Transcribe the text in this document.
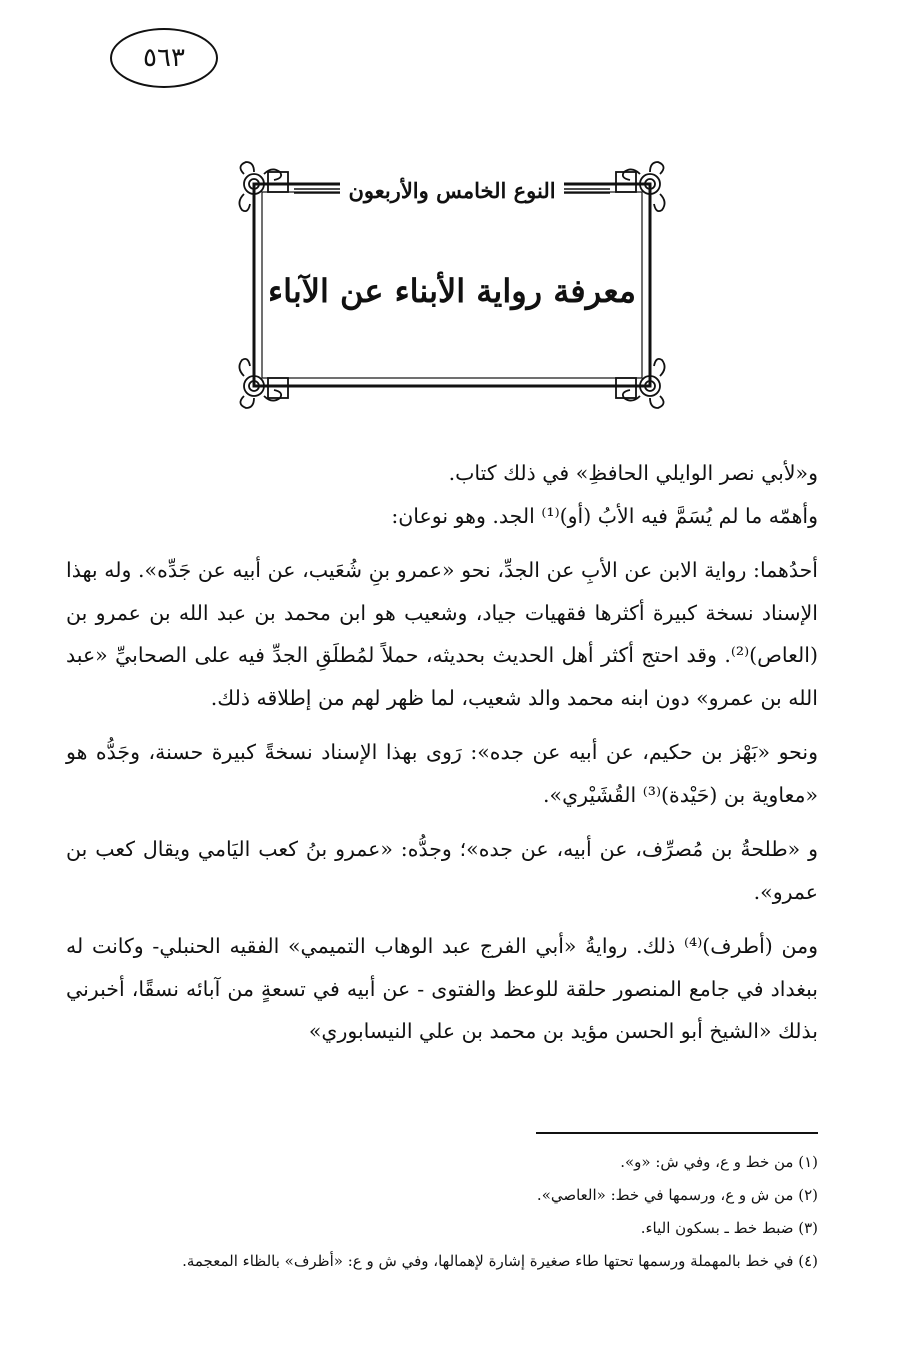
٥٦٣
النوع الخامس والأربعون
معرفة رواية الأبناء عن الآباء

و«لأبي نصر الوايلي الحافظِ» في ذلك كتاب.

وأهمّه ما لم يُسَمَّ فيه الأبُ (أو)⁽¹⁾ الجد. وهو نوعان:

أحدُهما: رواية الابن عن الأبِ عن الجدِّ، نحو «عمرو بنِ شُعَيب، عن أبيه عن جَدِّه». وله بهذا الإسناد نسخة كبيرة أكثرها فقهيات جياد، وشعيب هو ابن محمد بن عبد الله بن عمرو بن (العاص)⁽²⁾. وقد احتج أكثر أهل الحديث بحديثه، حملاً لمُطلَقِ الجدِّ فيه على الصحابيِّ «عبد الله بن عمرو» دون ابنه محمد والد شعيب، لما ظهر لهم من إطلاقه ذلك.

ونحو «بَهْز بن حكيم، عن أبيه عن جده»: رَوى بهذا الإسناد نسخةً كبيرة حسنة، وجَدُّه هو «معاوية بن (حَيْدة)⁽³⁾ القُشَيْري».

و «طلحةُ بن مُصرِّف، عن أبيه، عن جده»؛ وجدُّه: «عمرو بنُ كعب اليَامي ويقال كعب بن عمرو».

ومن (أطرف)⁽⁴⁾ ذلك. روايةُ «أبي الفرج عبد الوهاب التميمي» الفقيه الحنبلي- وكانت له ببغداد في جامع المنصور حلقة للوعظ والفتوى - عن أبيه في تسعةٍ من آبائه نسقًا، أخبرني بذلك «الشيخ أبو الحسن مؤيد بن محمد بن علي النيسابوري»

(١) من خط و ع، وفي ش: «و».

(٢) من ش و ع، ورسمها في خط: «العاصي».

(٣) ضبط خط ـ بسكون الياء.

(٤) في خط بالمهملة ورسمها تحتها طاء صغيرة إشارة لإهمالها، وفي ش و ع: «أظرف» بالظاء المعجمة.
